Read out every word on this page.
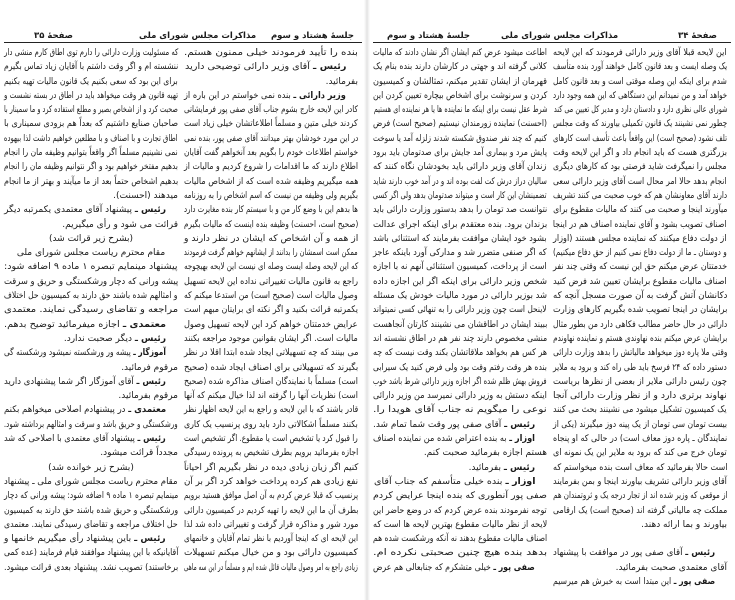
صفحهٔ ۳۵	مذاکرات مجلس شورای ملی جلسهٔ هشتاد و سوم
بنده را تأیید فرمودند خیلی ممنون هستم.
رئیس ـ آقای وزیر دارائی توضیحی دارید
بفرمائید.
وزیر دارائی ـ بنده نمی خواستم در این باره از
کادر این لایحه خارج بشوم جناب آقای صفی پور فرمایشاتی
کردند خیلی متین و مسلماً اطلاعاتشان خیلی زیاد است
در این مورد خودشان بهتر میدانند آقای صفی پور، بنده نمی
خواستم اطلاعات خودم را بگویم بعد آنخواهم گفت آقایان
اطلاع دارند که ما اقدامات را شروع کردیم و مالیات از
همه میگیریم وظیفه شده است که از اشخاص مالیات
بگیریم ولی وظیفه من نیست که اسم اشخاص را به روزنامه
ها بدهم این با وضع کار من و با سیستم کار بنده مغایرت دارد
(صحیح است، احسنت) وظیفه بنده اینست که مالیات بگیرم
از همه و آن اشخاص که ایشان در نظر دارند و
ممکن است اسمشان را بدانند از ایشانهم خواهم گرفت فرمودند
که این لایحه وصله ایست وصله ای نیست این لایحه بهیچوجه
راجع به قانون مالیات تغییراتی نداده این لایحه تسهیل
وصول مالیات است (صحیح است) من استدعا میکنم که
یکمرتبه قرائت بکنید و اگر نکته ای برایتان مبهم است
عرایض خدمتتان خواهم کرد این لایحه تسهیل وصول
مالیات است. اگر ایشان بقوانین موجود مراجعه بکنند
می بینند که چه تسهیلاتی ایجاد شده ابتدا اقلا در نظر
بگیرند که تسهیلاتی برای اصناف ایجاد شده (صحیح
است) مسلماً با نمایندگان اصناف مذاکره شده (صحیح
است) نظریات آنها را گرفته اند لذا خیال میکنم که آنها
قادر باشند که با این لایحه و راجع به این لایحه اظهار نظر
بکنند مسلماً اشکالاتی دارد باید روی پرنسیب یک کاری
را قبول کرد یا تشخیص است یا مقطوع. اگر تشخیص است
اجازه بفرمائید برویم بطرف تشخیص به پرونده رسیدگی
کنیم اگر زیان زیادی دیده در نظر بگیریم اگر احیاناً
نفع زیادی هم کرده پرداخت خواهد کرد اگر بر آن
پرنسیب که قبلا عرض کردم به آن اصل موافق هستید برویم
بطرف آن ما این لایحه را تهیه کردیم در کمیسیون دارائی
مورد شور و مذاکره قرار گرفت و تغییراتی داده شد لذا
این لایحه ای که اینجا آوردیم با نظر تمام آقایان و خانمهای
کمیسیون دارائی بود و من خیال میکنم تسهیلات
زیادی راجع به امر وصول مالیات قائل شده ایم و مسلماً در این سه ماهی
که مسئولیت وزارت دارائی را دارم توی اطاق کارم منشی دار
ننشسته ام و اگر وقت داشتم با آقایان زیاد تماس بگیرم
برای این بود که سعی بکنیم یک قانون مالیات تهیه بکنیم
تهیه قانون هر وقت میخواهد باید در اطاق در بسته نشست و
صحبت کرد و از اشخاص بصیر و مطلع استفاده کرد و ما سمینار با
صاحبان صنایع داشتیم که بعداً هم بزودی سمیناری با
اطاق تجارت و با اصناف و با مطلعین خواهیم داشت لذا بیهوده
نمی نشینیم مسلماً اگر واقعاً بتوانیم وظیفه مان را انجام
بدهیم مفتخر خواهیم بود و اگر نتوانیم وظیفه مان را انجام
بدهیم اشخاص حتماً بعد از ما میآیند و بهتر از ما انجام
میدهند (احسنت).
رئیس ـ پیشنهاد آقای معتمدی یکمرتبه دیگر
قرائت می شود و رأی میگیریم.
(بشرح زیر قرائت شد)
مقام محترم ریاست مجلس شورای ملی
پیشنهاد مینمایم تبصره ۱ ماده ۹ اضافه شود:
پیشه ورانی که دچار ورشکستگی و حریق و سرقت
و امثالهم شده باشند حق دارند به کمیسیون حل اختلاف
مراجعه و تقاضای رسیدگی نمایند. معتمدی
معتمدی ـ اجازه میفرمائید توضیح بدهم.
رئیس ـ دیگر صحبت ندارد.
آموزگار ـ پیشه ور ورشکسته نمیشود ورشکسته گی
مرقوم فرمائید.
رئیس ـ آقای آموزگار اگر شما پیشنهادی دارید
مرقوم بفرمائید.
معتمدی ـ در پیشنهادم اصلاحی میخواهم بکنم
ورشکستگی و حریق باشد و سرقت و امثالهم برداشته شود.
رئیس ـ پیشنهاد آقای معتمدی با اصلاحی که شد
مجدداً قرائت میشود.
(بشرح زیر خوانده شد)
مقام محترم ریاست مجلس شورای ملی ـ پیشنهاد
مینمایم تبصره ۱ ماده ۹ اضافه شود: پیشه ورانی که دچار
ورشکستگی و حریق شده باشند حق دارند به کمیسیون
حل اختلاف مراجعه و تقاضای رسیدگی نمایند. معتمدی
رئیس ـ باین پیشنهاد رأی میگیریم خانمها و
آقایانیکه با این پیشنهاد موافقند قیام فرمایند (عده کمی
برخاستند) تصویب نشد. پیشنهاد بعدی قرائت میشود.
صفحهٔ ۳۴
مذاکرات مجلس شورای ملی
جلسهٔ هشتاد و سوم
این لایحه قبلا آقای وزیر دارائی فرمودند که این لایحه
یک وصله ایست و بعد قانون کامل خواهند آورد بنده متأسف
شدم برای اینکه این وصله موقتی است و بعد قانون کامل
خواهد آمد و من نمیدانم این دستگاهی که این همه وجود دارد
شورای عالی نظری دارد و دادستان دارد و مدیر کل تعیین می کند
چطور نمی نشینند یک قانون تکمیلی بیاورند که وقت مجلس
تلف نشود (صحیح است) این واقعاً باعث تأسف است کارهای
بزرگتری هست که باید انجام داد و اگر این لایحه وقت
مجلس را نمیگرفت شاید فرصتی بود که کارهای دیگری
انجام بدهد حالا امر محال است آقای وزیر دارائی سعی
دارند آقای معاونشان هم که خوب صحبت می کنند تشریف
میآورند اینجا و صحبت می کنند که مالیات مقطوع برای
اصناف تصویب بشود و آقای نماینده اصناف هم در اینجا
از دولت دفاع میکنند که نماینده مجلس هستند (اوزار
و دوستان ـ ما از دولت دفاع نمی کنیم از حق دفاع میکنیم)
خدمتتان عرض میکنم حق این نیست که وقتی چند نفر
اصناف مالیات مقطوع برایشان تعیین شد فرض کنید
دکانشان آتش گرفت به آن صورت مسجل آنچه که
برایشان در اینجا تصویب شده بگیریم کارهای وزارت
دارائی در حال حاضر مطالب فکاهی دارد من بطور مثال
برایشان عرض میکنم بنده نهاوندی هستم و نماینده نهاوندم
وقتی ملا پاره دوز میخواهد مالیاتش را بدهد وزارت دارائی
دستور داده که ۲۴ فرسخ باید طی راه کند و برود به ملایر
چون رئیس دارائی ملایر از بعضی از نظرها بریاست
نهاوند برتری دارد و از نظر وزارت دارائی آنجا
یک کمیسیون تشکیل میشود می نشینند بحث می کنند
بیست تومان سی تومان از یک پینه دوز میگیرند (یکی از
نمایندگان ـ پاره دوز معاف است) در حالی که او پنجاه
تومان خرج می کند که برود به ملایر این یک نمونه ای
است حالا بفرمائید که معاف است بنده میخواستم که
آقای وزیر دارائی تشریف بیاورند اینجا و بمن بفرمایند
از موقعی که وزیر شده اند از تجار درجه یک و ثروتمندان هم
مملکت چه مالیاتی گرفته اند (صحیح است) یک ارقامی
بیاورند و بما ارائه دهند.
رئیس ـ آقای صفی پور در موافقت با پیشنهاد
آقای معتمدی صحبت بفرمائید.
صفی پور ـ این مبتدا است به خبرش هم میرسیم
اطاعت میشود عرض کنم ایشان اگر نشان دادند که مالیات
کلانی گرفته اند و جهتی در کارشان دارند بنده بنام یک
قهرمان از ایشان تقدیر میکنم، تمثالشان و کمیسیون
کردن و سرنوشت برای اشخاص بیچاره تعیین کردن این
شرط عقل نیست برای اینکه ما نماینده ها یا هر نماینده ای هستیم
(احسنت) نماینده زورمندان نیستیم (صحیح است) فرض
کنیم که چند نفر صندوق شکسته شدند زلزله آمد یا سوخت
پایش مرد و بیماری آمد جایش برای صدتومان باید برود
زندان آقای وزیر دارائی باید بخودشان نگاه کنند که
سالیان دراز درش کت لفت بوده اند و در آمد خوب دارند شاید
تضمینشان این کار است و میتواند صدتومان بدهد ولی اگر کسی
نتوانست صد تومان را بدهد بدستور وزارت دارائی باید
بزندان برود. بنده معتقدم برای اینکه اجرای عدالت
بشود خود ایشان موافقت بفرمایند که استثنائی باشد
که اگر صنفی متضرر شد و مدارکی آورد باینکه عاجز
است از پرداخت، کمیسیون استثنائی آنهم نه با اجازه
شخص وزیر دارائی برای اینکه اگر این اجازه داده
شد بوزیر دارائی در مورد مالیات خودش یک مسئله
لاینحل است چون وزیر دارائی را به تنهائی کسی نمیتواند
ببیند ایشان در اطاقشان می نشینند کارتان آنجاهست
منشی مخصوص دارند چند نفر هم در اطاق نشسته اند
هر کس هم بخواهد ملاقاتشان بکند وقت نیست که چه
بنده هر وقت رفتم وقت بود ولی فرض کنید یک سیرابی
فروش بهش ظلم شده اگر اجازه وزیر دارائی شرط باشد خوب
اینکه دستش به وزیر دارائی نمیرسد من وزیر دارائی
نوعی را میگویم نه جناب آقای هویدا را.
رئیس ـ آقای صفی پور وقت شما تمام شد.
اوزار ـ به بنده اعتراض شده من نماینده اصناف
هستم اجازه بفرمائید صحبت کنم.
رئیس ـ بفرمائید.
اوزار ـ بنده خیلی متأسفم که جناب آقای
صفی پور آنطوری که بنده اینجا عرایض کردم
توجه نفرمودند بنده عرض کردم که در وضع حاضر این
لایحه از نظر مالیات مقطوع بهترین لایحه ها است که
اصناف مالیات مقطوع بدهند نه آنکه ورشکست شده هم
بدهد بنده هیچ چنین صحبتی نکرده ام.
صفی پور ـ خیلی متشکرم که جنابعالی هم عرض
